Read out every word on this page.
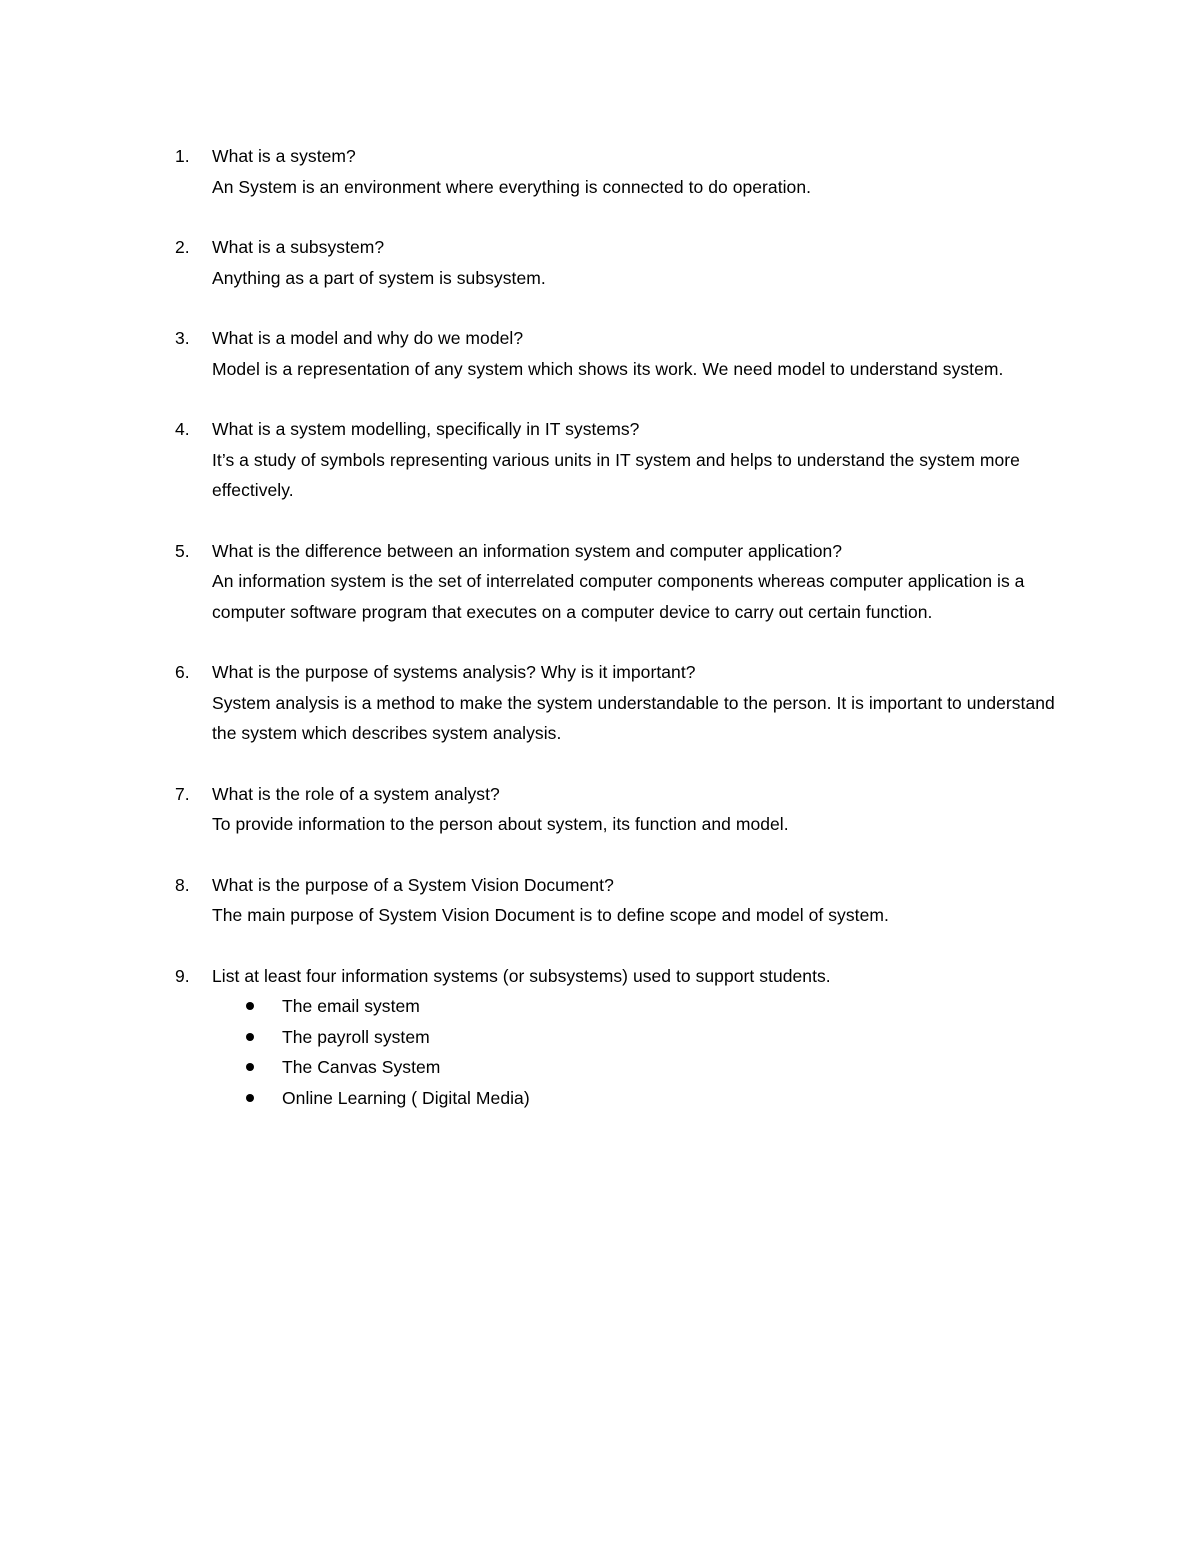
1.	What is a system?
An System is an environment where everything is connected to do operation.
2.	What is a subsystem?
Anything as a part of system is subsystem.
3.	What is a model and why do we model?
Model is a representation of any system which shows its work. We need model to understand system.
4.	What is a system modelling, specifically in IT systems?
It’s a study of symbols representing various units in IT system and helps to understand the system more effectively.
5.	What is the difference between an information system and computer application?
An information system is the set of interrelated computer components whereas computer application is a computer software program that executes on a computer device to carry out certain function.
6.	What is the purpose of systems analysis? Why is it important?
System analysis is a method to make the system understandable to the person. It is important to understand the system which describes system analysis.
7.	What is the role of a system analyst?
To provide information to the person about system, its function and model.
8.	What is the purpose of a System Vision Document?
The main purpose of System Vision Document is to define scope and model of system.
9.	List at least four information systems (or subsystems) used to support students.
The email system
The payroll system
The Canvas System
Online Learning ( Digital Media)
